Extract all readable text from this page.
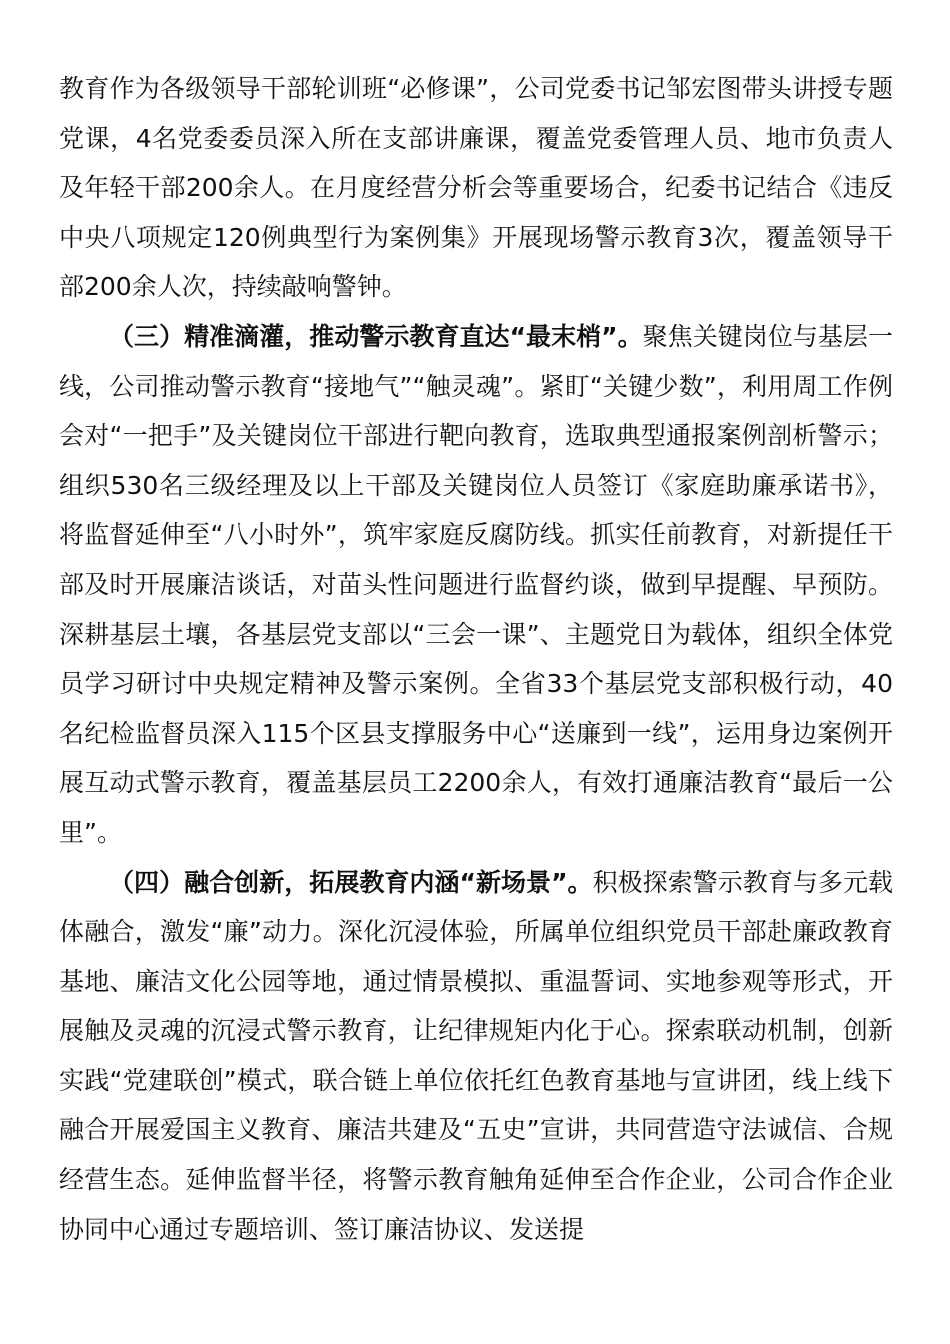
教育作为各级领导干部轮训班“必修课”，公司党委书记邹宏图带头讲授专题党课，4名党委委员深入所在支部讲廉课，覆盖党委管理人员、地市负责人及年轻干部200余人。在月度经营分析会等重要场合，纪委书记结合《违反中央八项规定120例典型行为案例集》开展现场警示教育3次，覆盖领导干部200余人次，持续敲响警钟。

（三）精准滴灌，推动警示教育直达“最末梢”。聚焦关键岗位与基层一线，公司推动警示教育“接地气”“触灵魂”。紧盯“关键少数”，利用周工作例会对“一把手”及关键岗位干部进行靶向教育，选取典型通报案例剖析警示；组织530名三级经理及以上干部及关键岗位人员签订《家庭助廉承诺书》，将监督延伸至“八小时外”，筑牢家庭反腐防线。抓实任前教育，对新提任干部及时开展廉洁谈话，对苗头性问题进行监督约谈，做到早提醒、早预防。深耕基层土壤，各基层党支部以“三会一课”、主题党日为载体，组织全体党员学习研讨中央规定精神及警示案例。全省33个基层党支部积极行动，40名纪检监督员深入115个区县支撑服务中心“送廉到一线”，运用身边案例开展互动式警示教育，覆盖基层员工2200余人，有效打通廉洁教育“最后一公里”。

（四）融合创新，拓展教育内涵“新场景”。积极探索警示教育与多元载体融合，激发“廉”动力。深化沉浸体验，所属单位组织党员干部赴廉政教育基地、廉洁文化公园等地，通过情景模拟、重温誓词、实地参观等形式，开展触及灵魂的沉浸式警示教育，让纪律规矩内化于心。探索联动机制，创新实践“党建联创”模式，联合链上单位依托红色教育基地与宣讲团，线上线下融合开展爱国主义教育、廉洁共建及“五史”宣讲，共同营造守法诚信、合规经营生态。延伸监督半径，将警示教育触角延伸至合作企业，公司合作企业协同中心通过专题培训、签订廉洁协议、发送提
